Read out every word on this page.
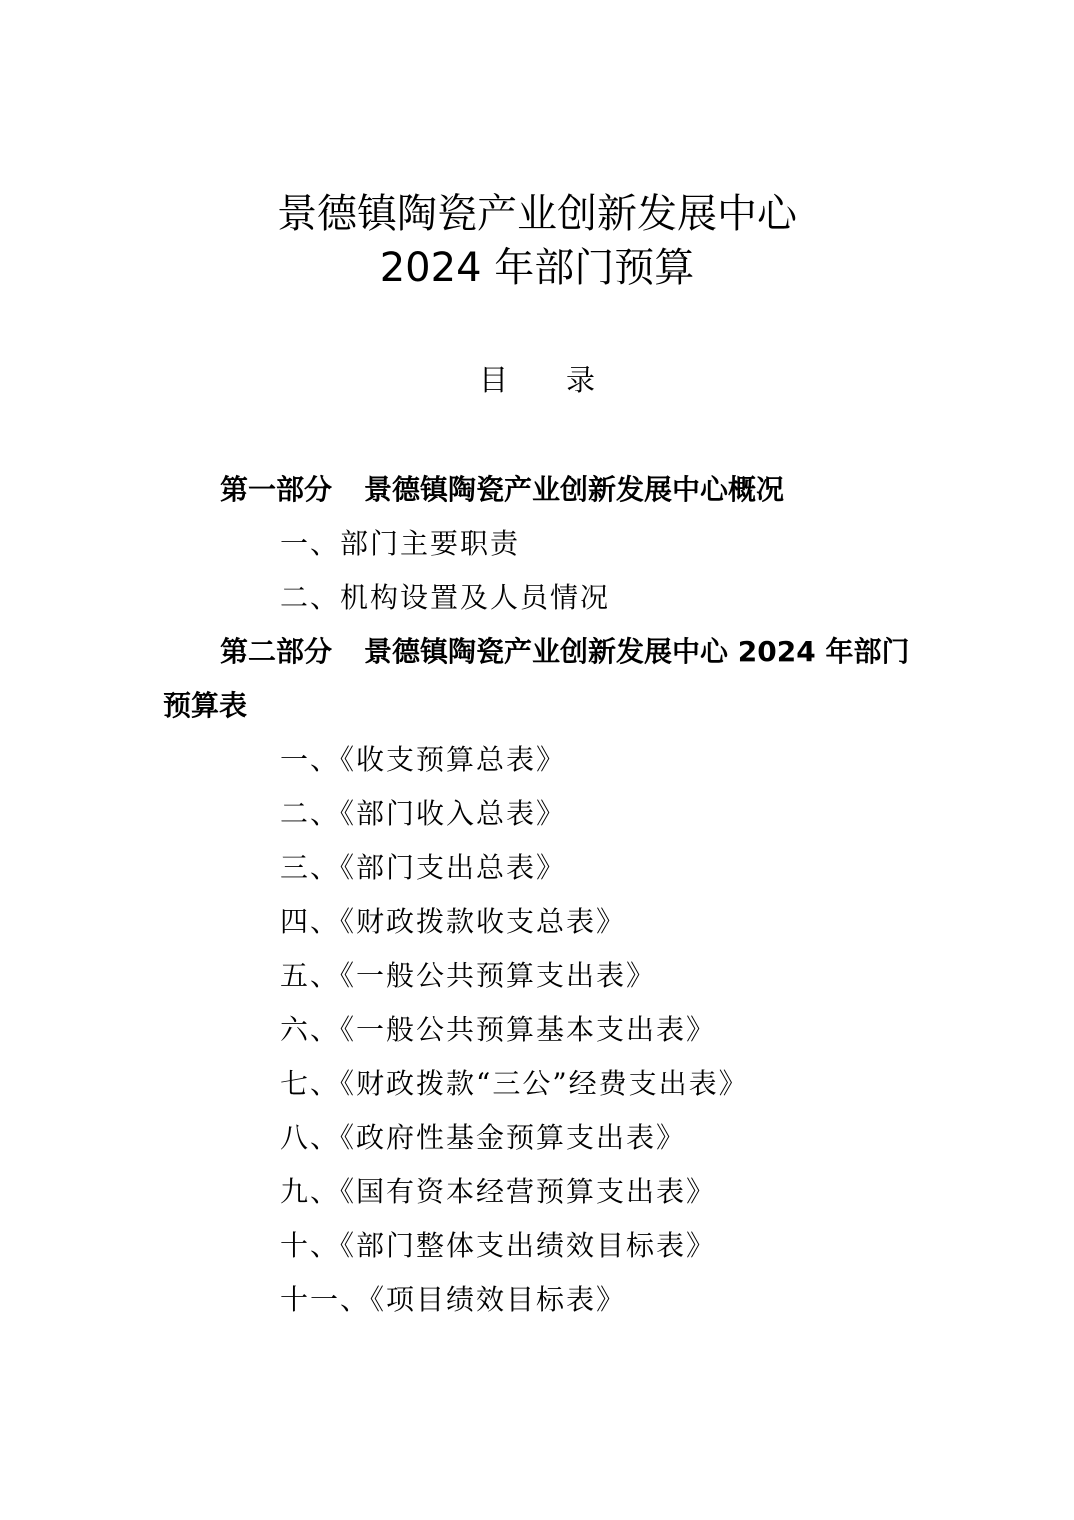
景德镇陶瓷产业创新发展中心
2024 年部门预算
目录
第一部分 景德镇陶瓷产业创新发展中心概况
一、部门主要职责
二、机构设置及人员情况
第二部分 景德镇陶瓷产业创新发展中心 2024 年部门
预算表
一、《收支预算总表》
二、《部门收入总表》
三、《部门支出总表》
四、《财政拨款收支总表》
五、《一般公共预算支出表》
六、《一般公共预算基本支出表》
七、《财政拨款“三公”经费支出表》
八、《政府性基金预算支出表》
九、《国有资本经营预算支出表》
十、《部门整体支出绩效目标表》
十一、《项目绩效目标表》
